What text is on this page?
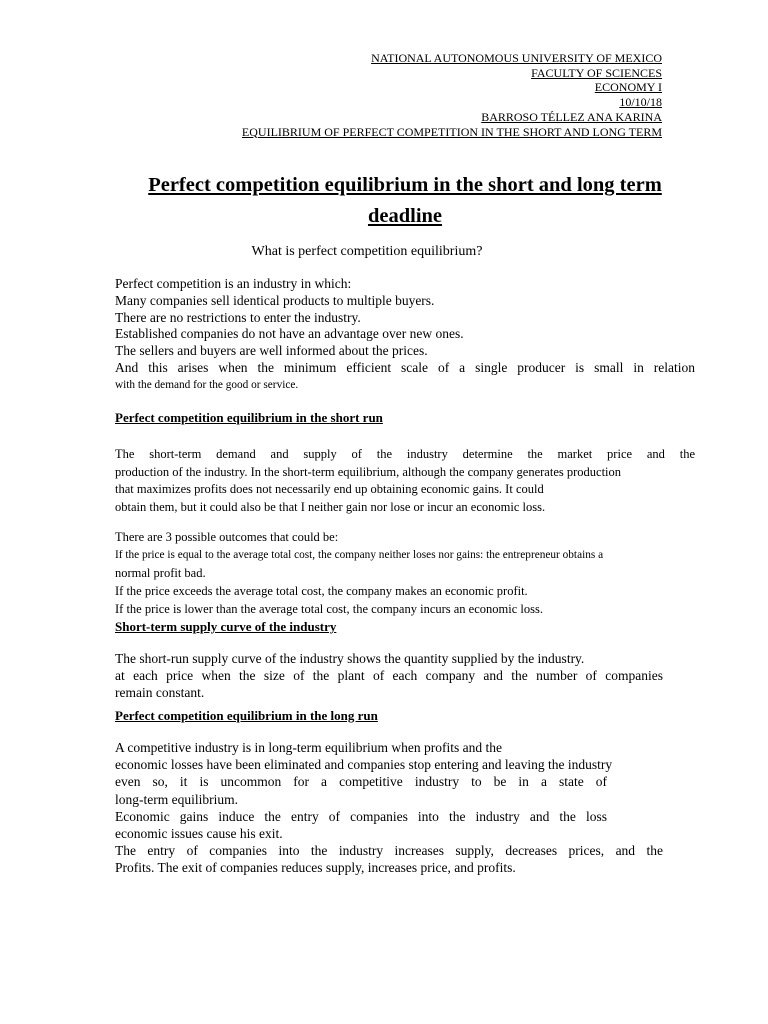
NATIONAL AUTONOMOUS UNIVERSITY OF MEXICO
FACULTY OF SCIENCES
ECONOMY I
10/10/18
BARROSO TÉLLEZ ANA KARINA
EQUILIBRIUM OF PERFECT COMPETITION IN THE SHORT AND LONG TERM
Perfect competition equilibrium in the short and long term deadline
What is perfect competition equilibrium?
Perfect competition is an industry in which:
Many companies sell identical products to multiple buyers.
There are no restrictions to enter the industry.
Established companies do not have an advantage over new ones.
The sellers and buyers are well informed about the prices.
And this arises when the minimum efficient scale of a single producer is small in relation
with the demand for the good or service.
Perfect competition equilibrium in the short run
The short-term demand and supply of the industry determine the market price and the
production of the industry. In the short-term equilibrium, although the company generates production
that maximizes profits does not necessarily end up obtaining economic gains. It could
obtain them, but it could also be that I neither gain nor lose or incur an economic loss.
There are 3 possible outcomes that could be:
If the price is equal to the average total cost, the company neither loses nor gains: the entrepreneur obtains a
normal profit bad.
If the price exceeds the average total cost, the company makes an economic profit.
If the price is lower than the average total cost, the company incurs an economic loss.
Short-term supply curve of the industry
The short-run supply curve of the industry shows the quantity supplied by the industry.
at each price when the size of the plant of each company and the number of companies
remain constant.
Perfect competition equilibrium in the long run
A competitive industry is in long-term equilibrium when profits and the
economic losses have been eliminated and companies stop entering and leaving the industry
even so, it is uncommon for a competitive industry to be in a state of
long-term equilibrium.
Economic gains induce the entry of companies into the industry and the loss
economic issues cause his exit.
The entry of companies into the industry increases supply, decreases prices, and the
Profits. The exit of companies reduces supply, increases price, and profits.
